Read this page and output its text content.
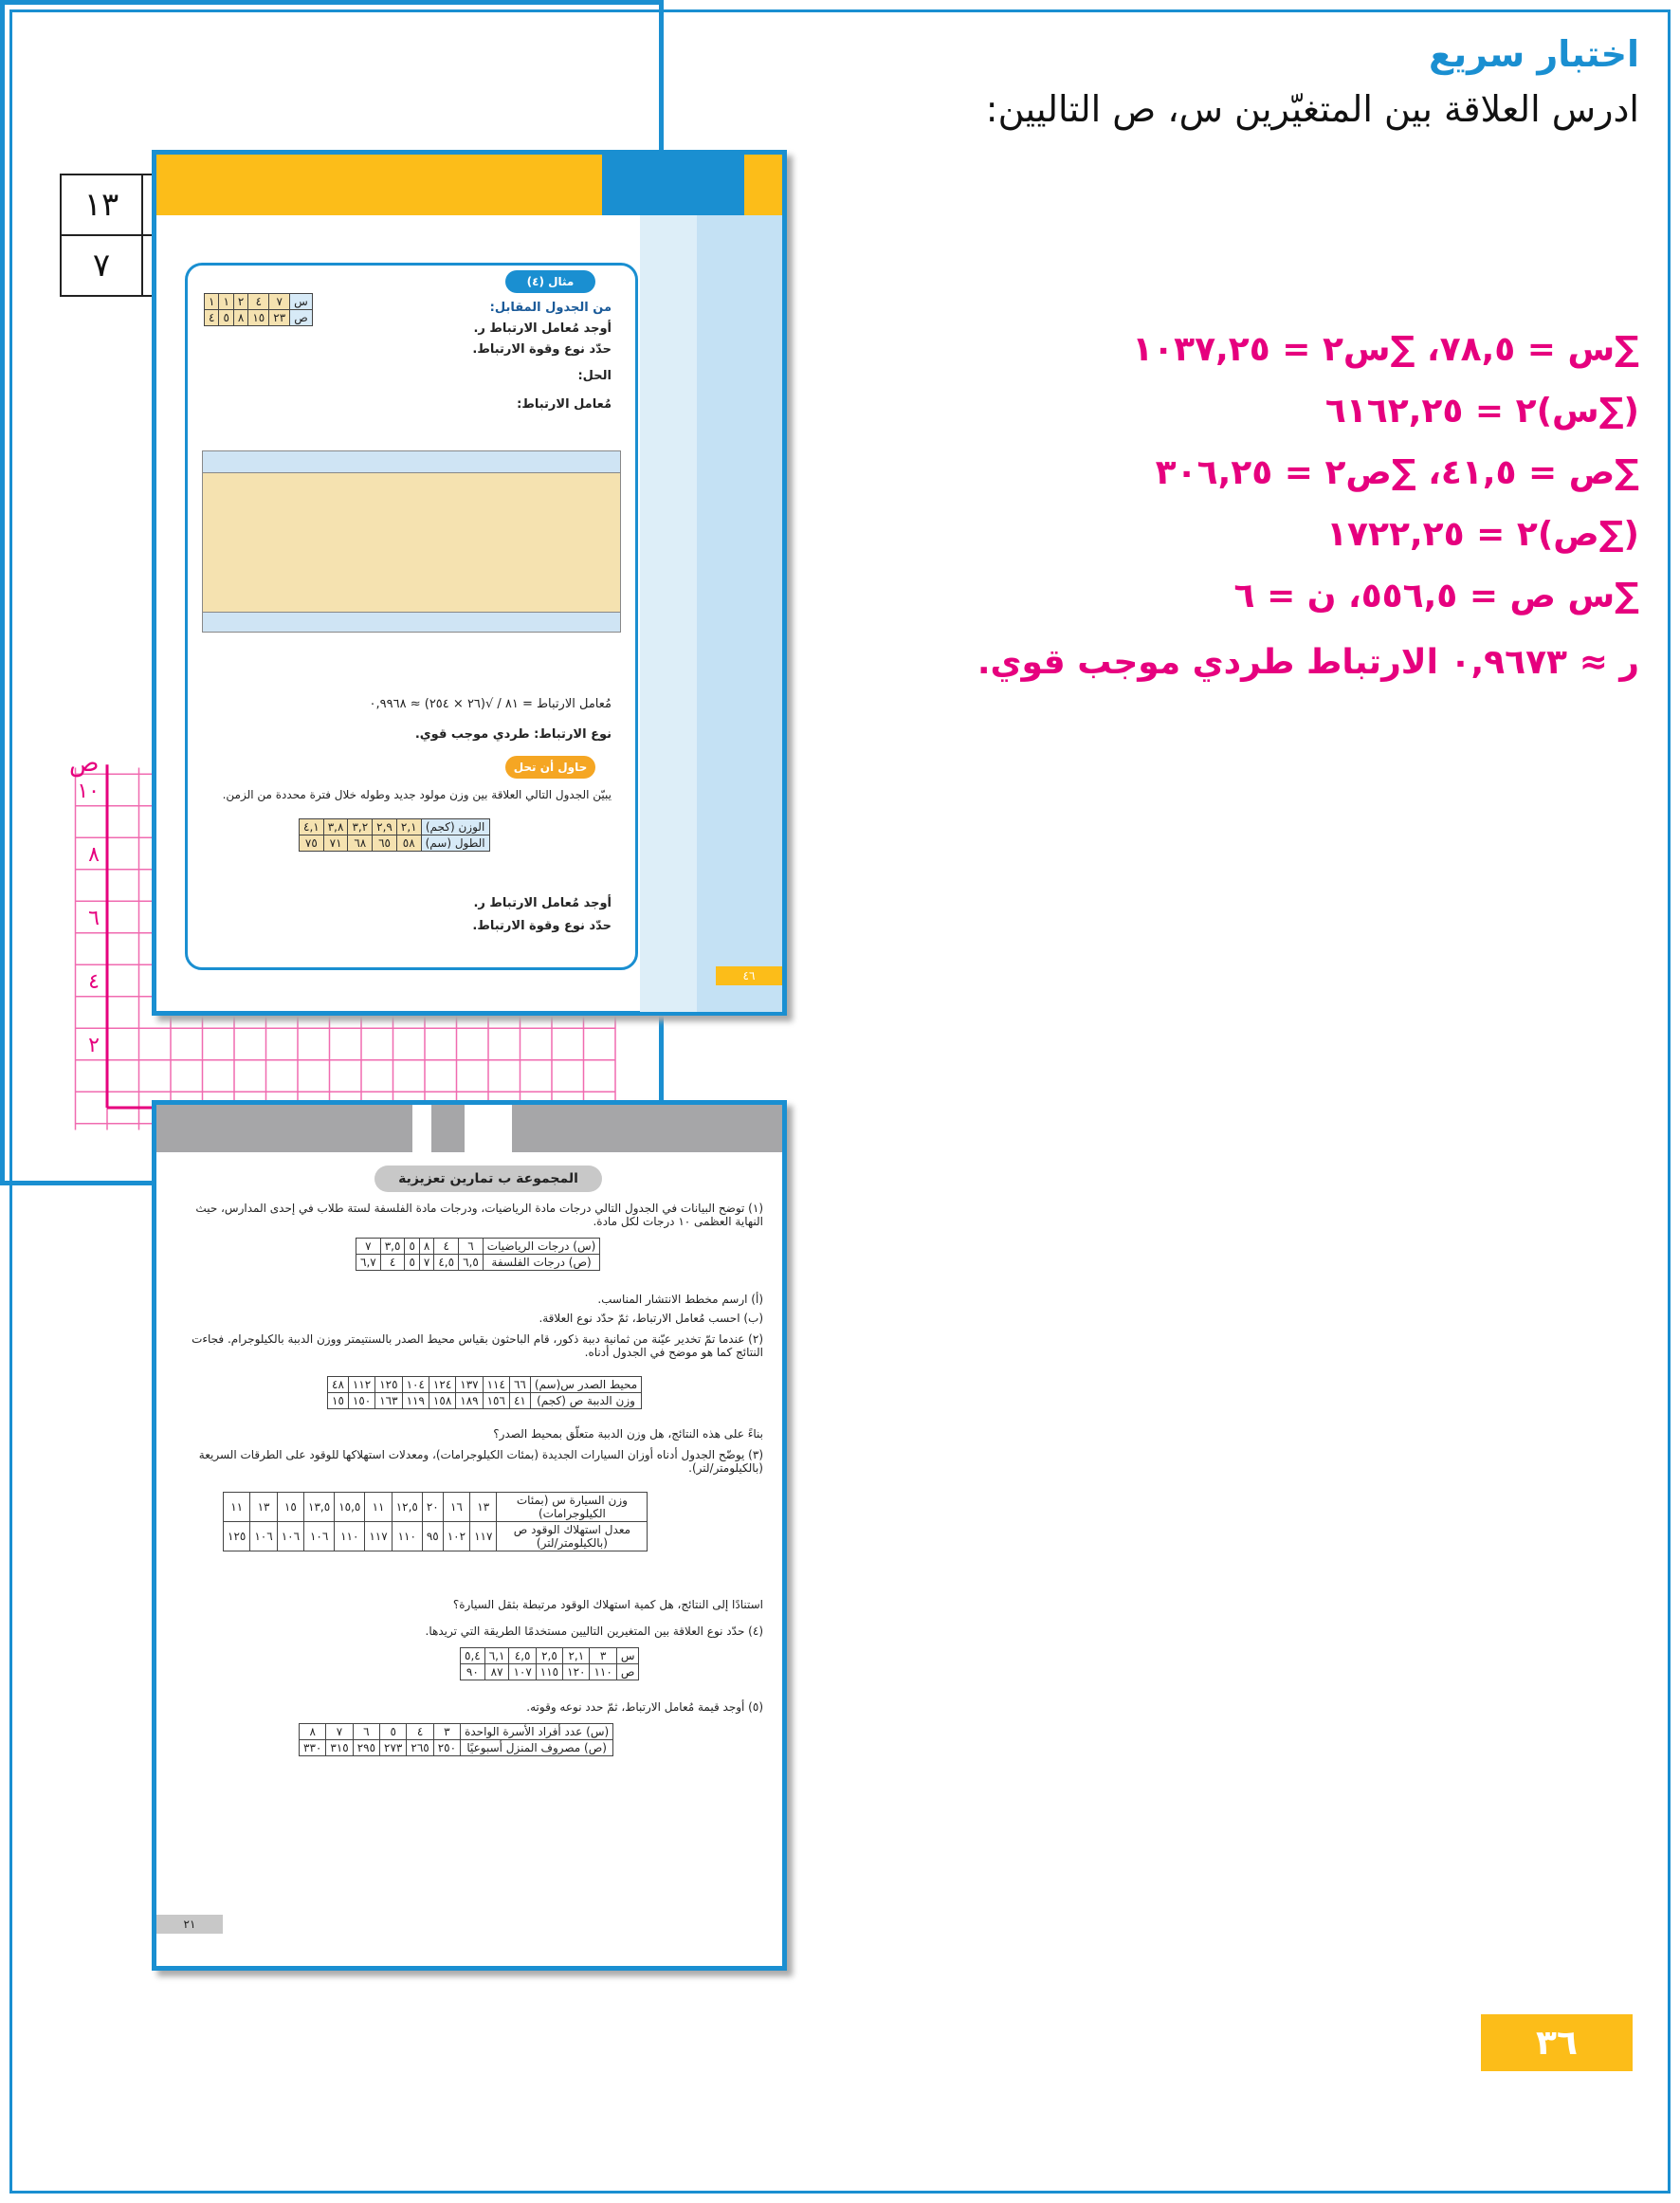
اختبار سريع
ادرس العلاقة بين المتغيّرين س، ص التاليين:
						١٣
						٧
∑س = ٧٨,٥، ∑س٢ = ١٠٣٧,٢٥
(∑س)٢ = ٦١٦٢,٢٥
∑ص = ٤١,٥، ∑ص٢ = ٣٠٦,٢٥
(∑ص)٢ = ١٧٢٢,٢٥
∑س ص = ٥٥٦,٥، ن = ٦
ر ≈ ٠,٩٦٧٣ الارتباط طردي موجب قوي.
٢
٤
٦
٨
١٠
ص
مثال (٤)
من الجدول المقابل:
أوجد مُعامل الارتباط ر.
حدّد نوع وقوة الارتباط.
الحل:
مُعامل الارتباط:
س	٧	٤	٢	١	١
ص	٢٣	١٥	٨	٥	٤
مُعامل الارتباط = ٨١ / √(٢٦ × ٢٥٤) ≈ ٠,٩٩٦٨
نوع الارتباط: طردي موجب قوي.
حاول أن تحل
يبيّن الجدول التالي العلاقة بين وزن مولود جديد وطوله خلال فترة محددة من الزمن.
الوزن (كجم)	٢,١	٢,٩	٣,٢	٣,٨	٤,١
الطول (سم)	٥٨	٦٥	٦٨	٧١	٧٥
أوجد مُعامل الارتباط ر.
حدّد نوع وقوة الارتباط.
٤٦
المجموعة ب تمارين تعزيزية
(١) توضح البيانات في الجدول التالي درجات مادة الرياضيات، ودرجات مادة الفلسفة لستة طلاب في إحدى المدارس، حيث النهاية العظمى ١٠ درجات لكل مادة.
(س) درجات الرياضيات	٦	٤	٨	٥	٣,٥	٧
(ص) درجات الفلسفة	٦,٥	٤,٥	٧	٥	٤	٦,٧
(أ) ارسم مخطط الانتشار المناسب.
(ب) احسب مُعامل الارتباط، ثمّ حدّد نوع العلاقة.
(٢) عندما تمّ تخدير عيّنة من ثمانية دببة ذكور، قام الباحثون بقياس محيط الصدر بالسنتيمتر ووزن الدببة بالكيلوجرام. فجاءت النتائج كما هو موضح في الجدول أدناه.
محيط الصدر س(سم)	٦٦	١١٤	١٣٧	١٢٤	١٠٤	١٢٥	١١٢	٤٨
وزن الدببة ص (كجم)	٤١	١٥٦	١٨٩	١٥٨	١١٩	١٦٣	١٥٠	١٥
بناءً على هذه النتائج، هل وزن الدببة متعلّق بمحيط الصدر؟
(٣) يوضّح الجدول أدناه أوزان السيارات الجديدة (بمئات الكيلوجرامات)، ومعدلات استهلاكها للوقود على الطرقات السريعة (بالكيلومتر/لتر).
وزن السيارة س (بمئات الكيلوجرامات)	١٣	١٦	٢٠	١٢,٥	١١	١٥,٥	١٣,٥	١٥	١٣	١١
معدل استهلاك الوقود ص (بالكيلومتر/لتر)	١١٧	١٠٢	٩٥	١١٠	١١٧	١١٠	١٠٦	١٠٦	١٠٦	١٢٥
استنادًا إلى النتائج، هل كمية استهلاك الوقود مرتبطة بثقل السيارة؟
(٤) حدّد نوع العلاقة بين المتغيرين التاليين مستخدمًا الطريقة التي تريدها.
س	٣	٢,١	٢,٥	٤,٥	٦,١	٥,٤
ص	١١٠	١٢٠	١١٥	١٠٧	٨٧	٩٠
(٥) أوجد قيمة مُعامل الارتباط، ثمّ حدد نوعه وقوته.
(س) عدد أفراد الأسرة الواحدة	٣	٤	٥	٦	٧	٨
(ص) مصروف المنزل أسبوعيًا	٢٥٠	٢٦٥	٢٧٣	٢٩٥	٣١٥	٣٣٠
٢١
٣٦
